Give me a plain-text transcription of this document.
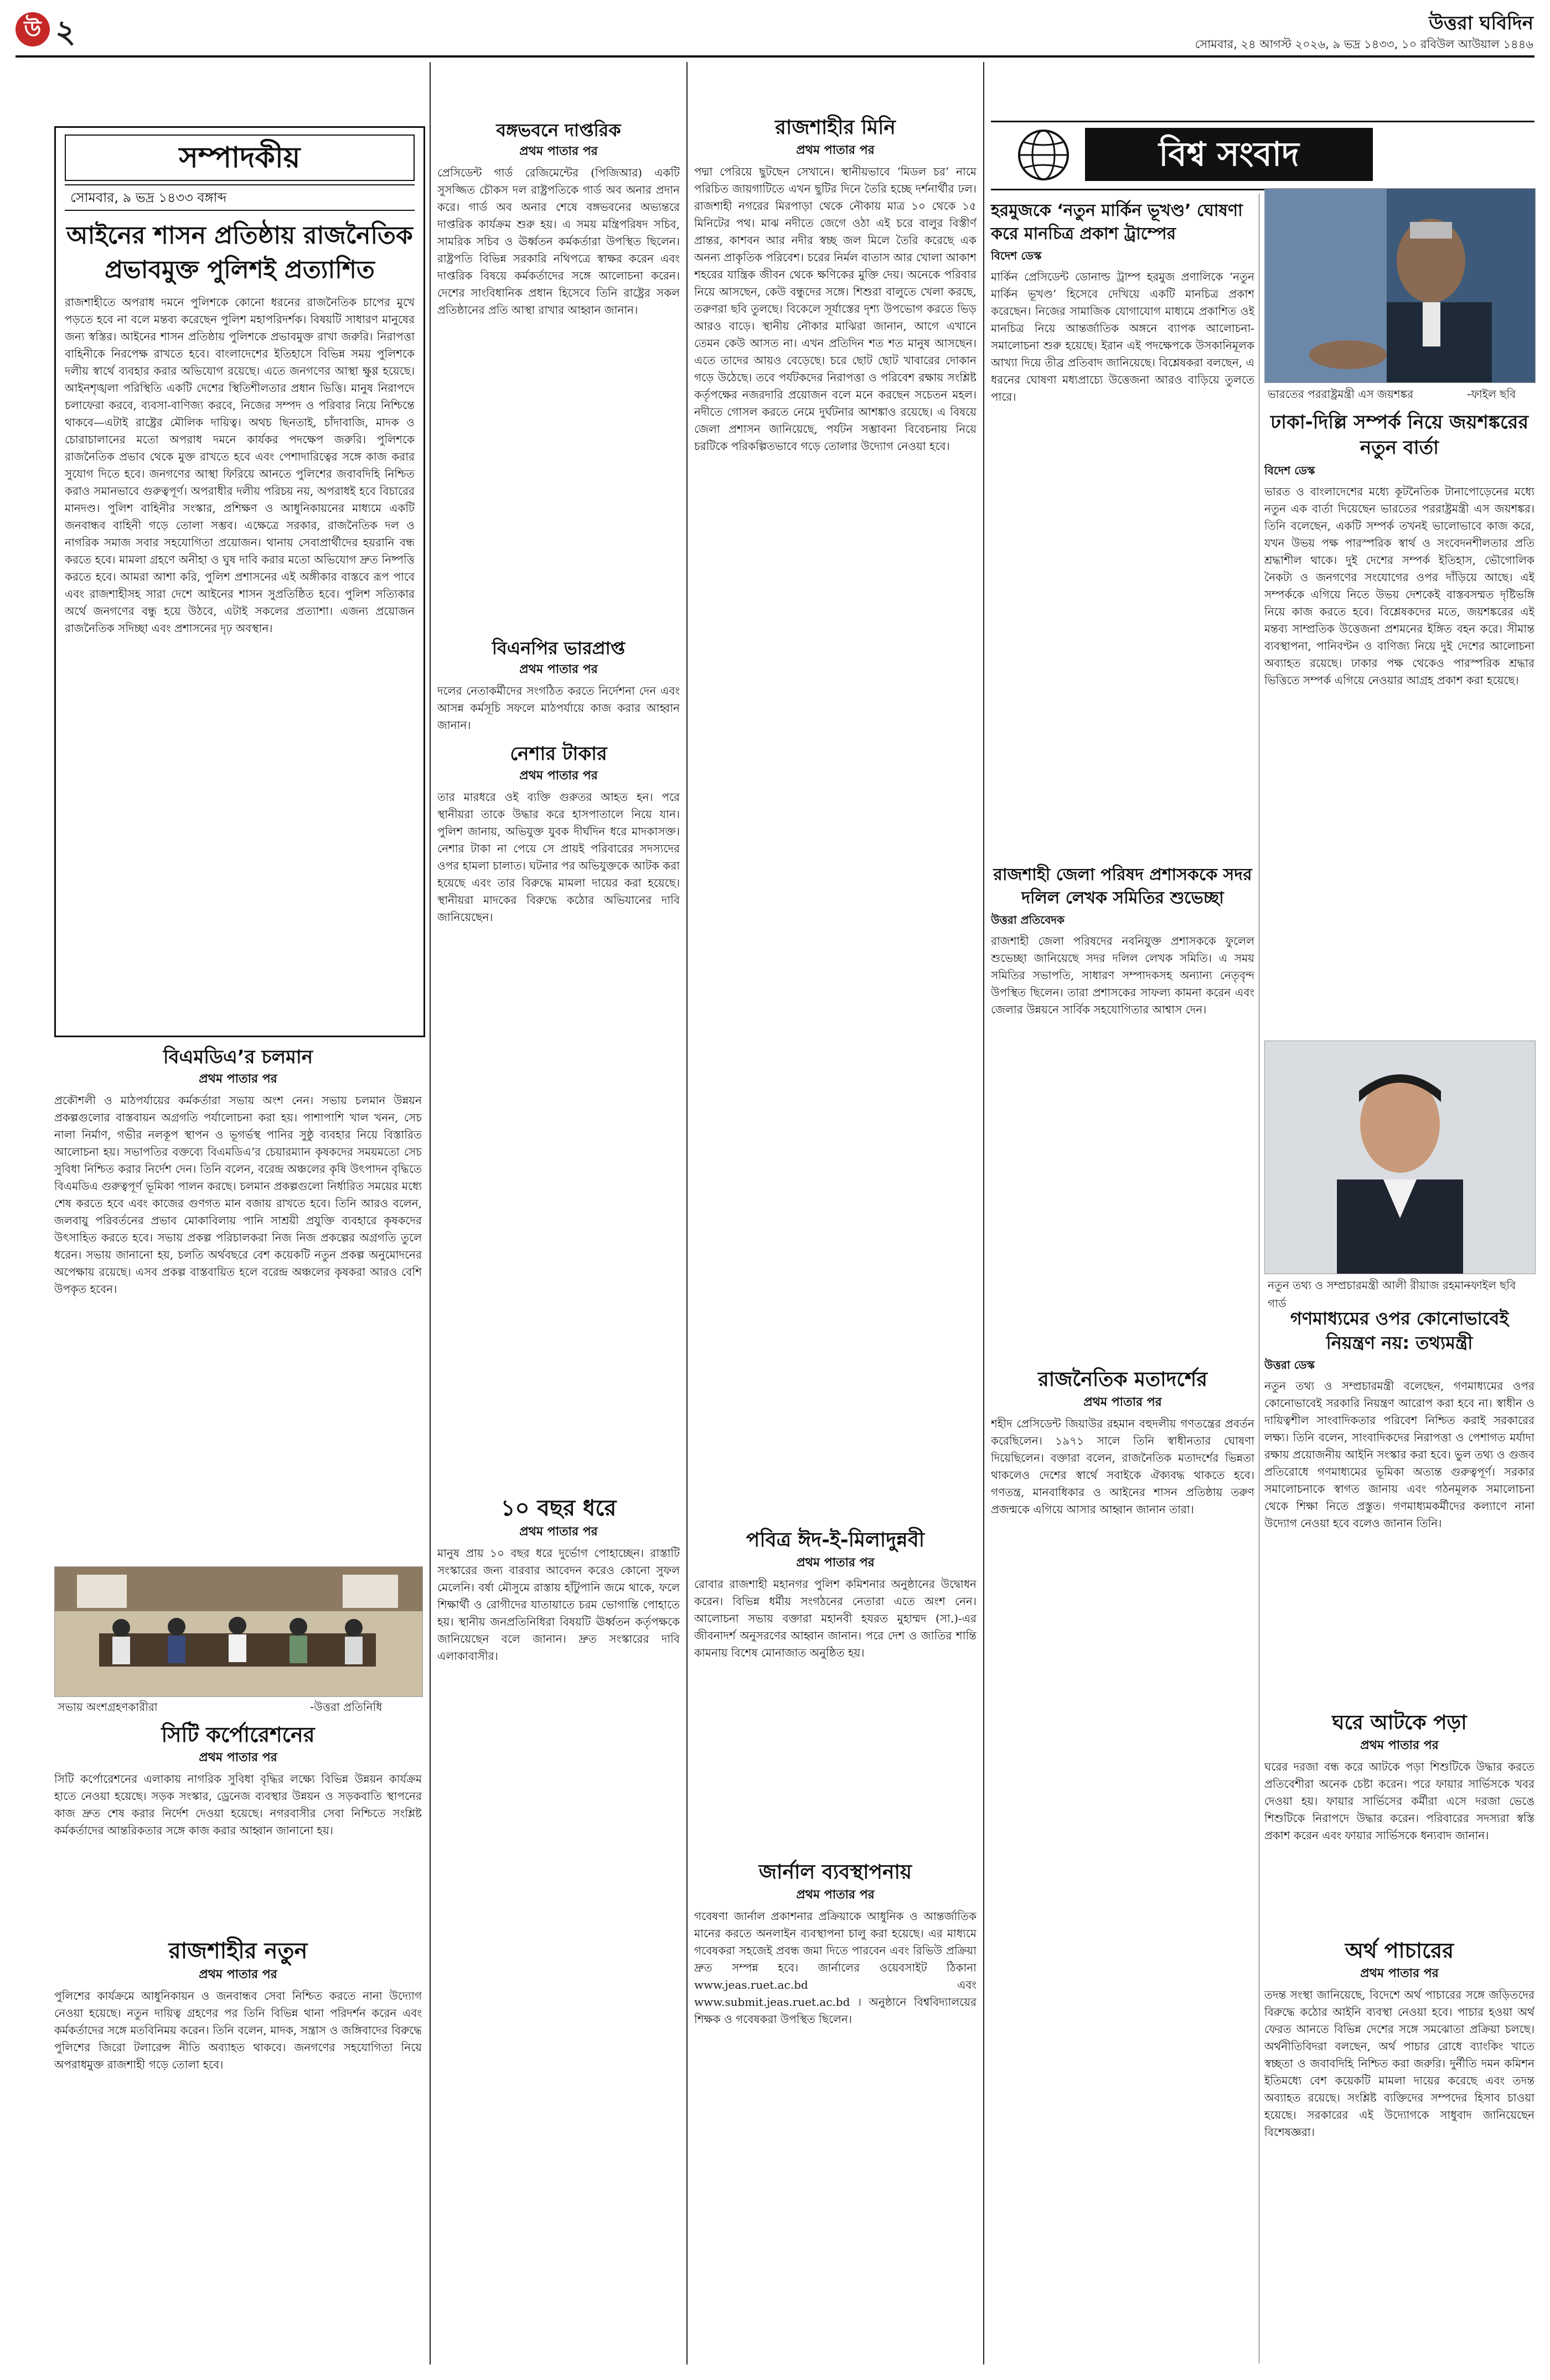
উ ২	উত্তরা ঘবিদিন
সোমবার, ২৪ আগস্ট ২০২৬, ৯ ভদ্র ১৪৩৩, ১০ রবিউল আউয়াল ১৪৪৬
সম্পাদকীয়
সোমবার, ৯ ভদ্র ১৪৩৩ বঙ্গাব্দ
আইনের শাসন প্রতিষ্ঠায় রাজনৈতিক প্রভাবমুক্ত পুলিশই প্রত্যাশিত
রাজশাহীতে অপরাধ দমনে পুলিশকে কোনো ধরনের রাজনৈতিক চাপের মুখে পড়তে হবে না বলে মন্তব্য করেছেন পুলিশ মহাপরিদর্শক। বিষয়টি সাধারণ মানুষের জন্য স্বস্তির। আইনের শাসন প্রতিষ্ঠায় পুলিশকে প্রভাবমুক্ত রাখা জরুরি। নিরাপত্তা বাহিনীকে নিরপেক্ষ রাখতে হবে। বাংলাদেশের ইতিহাসে বিভিন্ন সময় পুলিশকে দলীয় স্বার্থে ব্যবহার করার অভিযোগ রয়েছে। এতে জনগণের আস্থা ক্ষুণ্ণ হয়েছে। আইনশৃঙ্খলা পরিস্থিতি একটি দেশের স্থিতিশীলতার প্রধান ভিত্তি। মানুষ নিরাপদে চলাফেরা করবে, ব্যবসা-বাণিজ্য করবে, নিজের সম্পদ ও পরিবার নিয়ে নিশ্চিন্তে থাকবে—এটাই রাষ্ট্রের মৌলিক দায়িত্ব। অথচ ছিনতাই, চাঁদাবাজি, মাদক ও চোরাচালানের মতো অপরাধ দমনে কার্যকর পদক্ষেপ জরুরি। পুলিশকে রাজনৈতিক প্রভাব থেকে মুক্ত রাখতে হবে এবং পেশাদারিত্বের সঙ্গে কাজ করার সুযোগ দিতে হবে। জনগণের আস্থা ফিরিয়ে আনতে পুলিশের জবাবদিহি নিশ্চিত করাও সমানভাবে গুরুত্বপূর্ণ। অপরাধীর দলীয় পরিচয় নয়, অপরাধই হবে বিচারের মানদণ্ড। পুলিশ বাহিনীর সংস্কার, প্রশিক্ষণ ও আধুনিকায়নের মাধ্যমে একটি জনবান্ধব বাহিনী গড়ে তোলা সম্ভব। এক্ষেত্রে সরকার, রাজনৈতিক দল ও নাগরিক সমাজ সবার সহযোগিতা প্রয়োজন। থানায় সেবাপ্রার্থীদের হয়রানি বন্ধ করতে হবে। মামলা গ্রহণে অনীহা ও ঘুষ দাবি করার মতো অভিযোগ দ্রুত নিষ্পত্তি করতে হবে। আমরা আশা করি, পুলিশ প্রশাসনের এই অঙ্গীকার বাস্তবে রূপ পাবে এবং রাজশাহীসহ সারা দেশে আইনের শাসন সুপ্রতিষ্ঠিত হবে। পুলিশ সত্যিকার অর্থে জনগণের বন্ধু হয়ে উঠবে, এটাই সকলের প্রত্যাশা। এজন্য প্রয়োজন রাজনৈতিক সদিচ্ছা এবং প্রশাসনের দৃঢ় অবস্থান।
বিএমডিএ’র চলমান
প্রথম পাতার পর
প্রকৌশলী ও মাঠপর্যায়ের কর্মকর্তারা সভায় অংশ নেন। সভায় চলমান উন্নয়ন প্রকল্পগুলোর বাস্তবায়ন অগ্রগতি পর্যালোচনা করা হয়। পাশাপাশি খাল খনন, সেচ নালা নির্মাণ, গভীর নলকূপ স্থাপন ও ভূগর্ভস্থ পানির সুষ্ঠু ব্যবহার নিয়ে বিস্তারিত আলোচনা হয়। সভাপতির বক্তব্যে বিএমডিএ’র চেয়ারম্যান কৃষকদের সময়মতো সেচ সুবিধা নিশ্চিত করার নির্দেশ দেন। তিনি বলেন, বরেন্দ্র অঞ্চলের কৃষি উৎপাদন বৃদ্ধিতে বিএমডিএ গুরুত্বপূর্ণ ভূমিকা পালন করছে। চলমান প্রকল্পগুলো নির্ধারিত সময়ের মধ্যে শেষ করতে হবে এবং কাজের গুণগত মান বজায় রাখতে হবে। তিনি আরও বলেন, জলবায়ু পরিবর্তনের প্রভাব মোকাবিলায় পানি সাশ্রয়ী প্রযুক্তি ব্যবহারে কৃষকদের উৎসাহিত করতে হবে। সভায় প্রকল্প পরিচালকরা নিজ নিজ প্রকল্পের অগ্রগতি তুলে ধরেন। সভায় জানানো হয়, চলতি অর্থবছরে বেশ কয়েকটি নতুন প্রকল্প অনুমোদনের অপেক্ষায় রয়েছে। এসব প্রকল্প বাস্তবায়িত হলে বরেন্দ্র অঞ্চলের কৃষকরা আরও বেশি উপকৃত হবেন।
সভায় অংশগ্রহণকারীরা	-উত্তরা প্রতিনিধি
সিটি কর্পোরেশনের
প্রথম পাতার পর
সিটি কর্পোরেশনের এলাকায় নাগরিক সুবিধা বৃদ্ধির লক্ষ্যে বিভিন্ন উন্নয়ন কার্যক্রম হাতে নেওয়া হয়েছে। সড়ক সংস্কার, ড্রেনেজ ব্যবস্থার উন্নয়ন ও সড়কবাতি স্থাপনের কাজ দ্রুত শেষ করার নির্দেশ দেওয়া হয়েছে। নগরবাসীর সেবা নিশ্চিতে সংশ্লিষ্ট কর্মকর্তাদের আন্তরিকতার সঙ্গে কাজ করার আহ্বান জানানো হয়।
রাজশাহীর নতুন
প্রথম পাতার পর
পুলিশের কার্যক্রমে আধুনিকায়ন ও জনবান্ধব সেবা নিশ্চিত করতে নানা উদ্যোগ নেওয়া হয়েছে। নতুন দায়িত্ব গ্রহণের পর তিনি বিভিন্ন থানা পরিদর্শন করেন এবং কর্মকর্তাদের সঙ্গে মতবিনিময় করেন। তিনি বলেন, মাদক, সন্ত্রাস ও জঙ্গিবাদের বিরুদ্ধে পুলিশের জিরো টলারেন্স নীতি অব্যাহত থাকবে। জনগণের সহযোগিতা নিয়ে অপরাধমুক্ত রাজশাহী গড়ে তোলা হবে।
বঙ্গভবনে দাপ্তরিক
প্রথম পাতার পর
প্রেসিডেন্ট গার্ড রেজিমেন্টের (পিজিআর) একটি সুসজ্জিত চৌকস দল রাষ্ট্রপতিকে গার্ড অব অনার প্রদান করে। গার্ড অব অনার শেষে বঙ্গভবনের অভ্যন্তরে দাপ্তরিক কার্যক্রম শুরু হয়। এ সময় মন্ত্রিপরিষদ সচিব, সামরিক সচিব ও ঊর্ধ্বতন কর্মকর্তারা উপস্থিত ছিলেন। রাষ্ট্রপতি বিভিন্ন সরকারি নথিপত্রে স্বাক্ষর করেন এবং দাপ্তরিক বিষয়ে কর্মকর্তাদের সঙ্গে আলোচনা করেন। দেশের সাংবিধানিক প্রধান হিসেবে তিনি রাষ্ট্রের সকল প্রতিষ্ঠানের প্রতি আস্থা রাখার আহ্বান জানান।
বিএনপির ভারপ্রাপ্ত
প্রথম পাতার পর
দলের নেতাকর্মীদের সংগঠিত করতে নির্দেশনা দেন এবং আসন্ন কর্মসূচি সফলে মাঠপর্যায়ে কাজ করার আহ্বান জানান।
নেশার টাকার
প্রথম পাতার পর
তার মারধরে ওই ব্যক্তি গুরুতর আহত হন। পরে স্থানীয়রা তাকে উদ্ধার করে হাসপাতালে নিয়ে যান। পুলিশ জানায়, অভিযুক্ত যুবক দীর্ঘদিন ধরে মাদকাসক্ত। নেশার টাকা না পেয়ে সে প্রায়ই পরিবারের সদস্যদের ওপর হামলা চালাত। ঘটনার পর অভিযুক্তকে আটক করা হয়েছে এবং তার বিরুদ্ধে মামলা দায়ের করা হয়েছে। স্থানীয়রা মাদকের বিরুদ্ধে কঠোর অভিযানের দাবি জানিয়েছেন।
১০ বছর ধরে
প্রথম পাতার পর
মানুষ প্রায় ১০ বছর ধরে দুর্ভোগ পোহাচ্ছেন। রাস্তাটি সংস্কারের জন্য বারবার আবেদন করেও কোনো সুফল মেলেনি। বর্ষা মৌসুমে রাস্তায় হাঁটুপানি জমে থাকে, ফলে শিক্ষার্থী ও রোগীদের যাতায়াতে চরম ভোগান্তি পোহাতে হয়। স্থানীয় জনপ্রতিনিধিরা বিষয়টি ঊর্ধ্বতন কর্তৃপক্ষকে জানিয়েছেন বলে জানান। দ্রুত সংস্কারের দাবি এলাকাবাসীর।
রাজশাহীর মিনি
প্রথম পাতার পর
পদ্মা পেরিয়ে ছুটছেন সেখানে। স্থানীয়ভাবে ‘মিডল চর’ নামে পরিচিত জায়গাটিতে এখন ছুটির দিনে তৈরি হচ্ছে দর্শনার্থীর ঢল। রাজশাহী নগরের মিরপাড়া থেকে নৌকায় মাত্র ১০ থেকে ১৫ মিনিটের পথ। মাঝ নদীতে জেগে ওঠা এই চরে বালুর বিস্তীর্ণ প্রান্তর, কাশবন আর নদীর স্বচ্ছ জল মিলে তৈরি করেছে এক অনন্য প্রাকৃতিক পরিবেশ। চরের নির্মল বাতাস আর খোলা আকাশ শহরের যান্ত্রিক জীবন থেকে ক্ষণিকের মুক্তি দেয়। অনেকে পরিবার নিয়ে আসছেন, কেউ বন্ধুদের সঙ্গে। শিশুরা বালুতে খেলা করছে, তরুণরা ছবি তুলছে। বিকেলে সূর্যাস্তের দৃশ্য উপভোগ করতে ভিড় আরও বাড়ে। স্থানীয় নৌকার মাঝিরা জানান, আগে এখানে তেমন কেউ আসত না। এখন প্রতিদিন শত শত মানুষ আসছেন। এতে তাদের আয়ও বেড়েছে। চরে ছোট ছোট খাবারের দোকান গড়ে উঠেছে। তবে পর্যটকদের নিরাপত্তা ও পরিবেশ রক্ষায় সংশ্লিষ্ট কর্তৃপক্ষের নজরদারি প্রয়োজন বলে মনে করছেন সচেতন মহল। নদীতে গোসল করতে নেমে দুর্ঘটনার আশঙ্কাও রয়েছে। এ বিষয়ে জেলা প্রশাসন জানিয়েছে, পর্যটন সম্ভাবনা বিবেচনায় নিয়ে চরটিকে পরিকল্পিতভাবে গড়ে তোলার উদ্যোগ নেওয়া হবে।
পবিত্র ঈদ-ই-মিলাদুন্নবী
প্রথম পাতার পর
রোবার রাজশাহী মহানগর পুলিশ কমিশনার অনুষ্ঠানের উদ্বোধন করেন। বিভিন্ন ধর্মীয় সংগঠনের নেতারা এতে অংশ নেন। আলোচনা সভায় বক্তারা মহানবী হযরত মুহাম্মদ (সা.)-এর জীবনাদর্শ অনুসরণের আহ্বান জানান। পরে দেশ ও জাতির শান্তি কামনায় বিশেষ মোনাজাত অনুষ্ঠিত হয়।
জার্নাল ব্যবস্থাপনায়
প্রথম পাতার পর
গবেষণা জার্নাল প্রকাশনার প্রক্রিয়াকে আধুনিক ও আন্তর্জাতিক মানের করতে অনলাইন ব্যবস্থাপনা চালু করা হয়েছে। এর মাধ্যমে গবেষকরা সহজেই প্রবন্ধ জমা দিতে পারবেন এবং রিভিউ প্রক্রিয়া দ্রুত সম্পন্ন হবে। জার্নালের ওয়েবসাইট ঠিকানা www.jeas.ruet.ac.bd এবং www.submit.jeas.ruet.ac.bd । অনুষ্ঠানে বিশ্ববিদ্যালয়ের শিক্ষক ও গবেষকরা উপস্থিত ছিলেন।
বিশ্ব সংবাদ
হরমুজকে ‘নতুন মার্কিন ভূখণ্ড’ ঘোষণা করে মানচিত্র প্রকাশ ট্রাম্পের
বিদেশ ডেস্ক
মার্কিন প্রেসিডেন্ট ডোনাল্ড ট্রাম্প হরমুজ প্রণালিকে ‘নতুন মার্কিন ভূখণ্ড’ হিসেবে দেখিয়ে একটি মানচিত্র প্রকাশ করেছেন। নিজের সামাজিক যোগাযোগ মাধ্যমে প্রকাশিত ওই মানচিত্র নিয়ে আন্তর্জাতিক অঙ্গনে ব্যাপক আলোচনা-সমালোচনা শুরু হয়েছে। ইরান এই পদক্ষেপকে উসকানিমূলক আখ্যা দিয়ে তীব্র প্রতিবাদ জানিয়েছে। বিশ্লেষকরা বলছেন, এ ধরনের ঘোষণা মধ্যপ্রাচ্যে উত্তেজনা আরও বাড়িয়ে তুলতে পারে।	ভারতের পররাষ্ট্রমন্ত্রী এস জয়শঙ্কর	-ফাইল ছবি
ঢাকা-দিল্লি সম্পর্ক নিয়ে জয়শঙ্করের নতুন বার্তা
বিদেশ ডেস্ক
ভারত ও বাংলাদেশের মধ্যে কূটনৈতিক টানাপোড়েনের মধ্যে নতুন এক বার্তা দিয়েছেন ভারতের পররাষ্ট্রমন্ত্রী এস জয়শঙ্কর। তিনি বলেছেন, একটি সম্পর্ক তখনই ভালোভাবে কাজ করে, যখন উভয় পক্ষ পারস্পরিক স্বার্থ ও সংবেদনশীলতার প্রতি শ্রদ্ধাশীল থাকে। দুই দেশের সম্পর্ক ইতিহাস, ভৌগোলিক নৈকট্য ও জনগণের সংযোগের ওপর দাঁড়িয়ে আছে। এই সম্পর্ককে এগিয়ে নিতে উভয় দেশকেই বাস্তবসম্মত দৃষ্টিভঙ্গি নিয়ে কাজ করতে হবে। বিশ্লেষকদের মতে, জয়শঙ্করের এই মন্তব্য সাম্প্রতিক উত্তেজনা প্রশমনের ইঙ্গিত বহন করে। সীমান্ত ব্যবস্থাপনা, পানিবণ্টন ও বাণিজ্য নিয়ে দুই দেশের আলোচনা অব্যাহত রয়েছে। ঢাকার পক্ষ থেকেও পারস্পরিক শ্রদ্ধার ভিত্তিতে সম্পর্ক এগিয়ে নেওয়ার আগ্রহ প্রকাশ করা হয়েছে।
রাজশাহী জেলা পরিষদ প্রশাসককে সদর দলিল লেখক সমিতির শুভেচ্ছা
উত্তরা প্রতিবেদক
রাজশাহী জেলা পরিষদের নবনিযুক্ত প্রশাসককে ফুলেল শুভেচ্ছা জানিয়েছে সদর দলিল লেখক সমিতি। এ সময় সমিতির সভাপতি, সাধারণ সম্পাদকসহ অন্যান্য নেতৃবৃন্দ উপস্থিত ছিলেন। তারা প্রশাসকের সাফল্য কামনা করেন এবং জেলার উন্নয়নে সার্বিক সহযোগিতার আশ্বাস দেন।
নতুন তথ্য ও সম্প্রচারমন্ত্রী আলী রীয়াজ রহমান গার্ড
-ফাইল ছবি
রাজনৈতিক মতাদর্শের
প্রথম পাতার পর
শহীদ প্রেসিডেন্ট জিয়াউর রহমান বহুদলীয় গণতন্ত্রের প্রবর্তন করেছিলেন। ১৯৭১ সালে তিনি স্বাধীনতার ঘোষণা দিয়েছিলেন। বক্তারা বলেন, রাজনৈতিক মতাদর্শের ভিন্নতা থাকলেও দেশের স্বার্থে সবাইকে ঐক্যবদ্ধ থাকতে হবে। গণতন্ত্র, মানবাধিকার ও আইনের শাসন প্রতিষ্ঠায় তরুণ প্রজন্মকে এগিয়ে আসার আহ্বান জানান তারা।
গণমাধ্যমের ওপর কোনোভাবেই নিয়ন্ত্রণ নয়: তথ্যমন্ত্রী
উত্তরা ডেস্ক
নতুন তথ্য ও সম্প্রচারমন্ত্রী বলেছেন, গণমাধ্যমের ওপর কোনোভাবেই সরকারি নিয়ন্ত্রণ আরোপ করা হবে না। স্বাধীন ও দায়িত্বশীল সাংবাদিকতার পরিবেশ নিশ্চিত করাই সরকারের লক্ষ্য। তিনি বলেন, সাংবাদিকদের নিরাপত্তা ও পেশাগত মর্যাদা রক্ষায় প্রয়োজনীয় আইনি সংস্কার করা হবে। ভুল তথ্য ও গুজব প্রতিরোধে গণমাধ্যমের ভূমিকা অত্যন্ত গুরুত্বপূর্ণ। সরকার সমালোচনাকে স্বাগত জানায় এবং গঠনমূলক সমালোচনা থেকে শিক্ষা নিতে প্রস্তুত। গণমাধ্যমকর্মীদের কল্যাণে নানা উদ্যোগ নেওয়া হবে বলেও জানান তিনি।
ঘরে আটকে পড়া
প্রথম পাতার পর
ঘরের দরজা বন্ধ করে আটকে পড়া শিশুটিকে উদ্ধার করতে প্রতিবেশীরা অনেক চেষ্টা করেন। পরে ফায়ার সার্ভিসকে খবর দেওয়া হয়। ফায়ার সার্ভিসের কর্মীরা এসে দরজা ভেঙে শিশুটিকে নিরাপদে উদ্ধার করেন। পরিবারের সদস্যরা স্বস্তি প্রকাশ করেন এবং ফায়ার সার্ভিসকে ধন্যবাদ জানান।
অর্থ পাচারের
প্রথম পাতার পর
তদন্ত সংস্থা জানিয়েছে, বিদেশে অর্থ পাচারের সঙ্গে জড়িতদের বিরুদ্ধে কঠোর আইনি ব্যবস্থা নেওয়া হবে। পাচার হওয়া অর্থ ফেরত আনতে বিভিন্ন দেশের সঙ্গে সমঝোতা প্রক্রিয়া চলছে। অর্থনীতিবিদরা বলছেন, অর্থ পাচার রোধে ব্যাংকিং খাতে স্বচ্ছতা ও জবাবদিহি নিশ্চিত করা জরুরি। দুর্নীতি দমন কমিশন ইতিমধ্যে বেশ কয়েকটি মামলা দায়ের করেছে এবং তদন্ত অব্যাহত রয়েছে। সংশ্লিষ্ট ব্যক্তিদের সম্পদের হিসাব চাওয়া হয়েছে। সরকারের এই উদ্যোগকে সাধুবাদ জানিয়েছেন বিশেষজ্ঞরা।
